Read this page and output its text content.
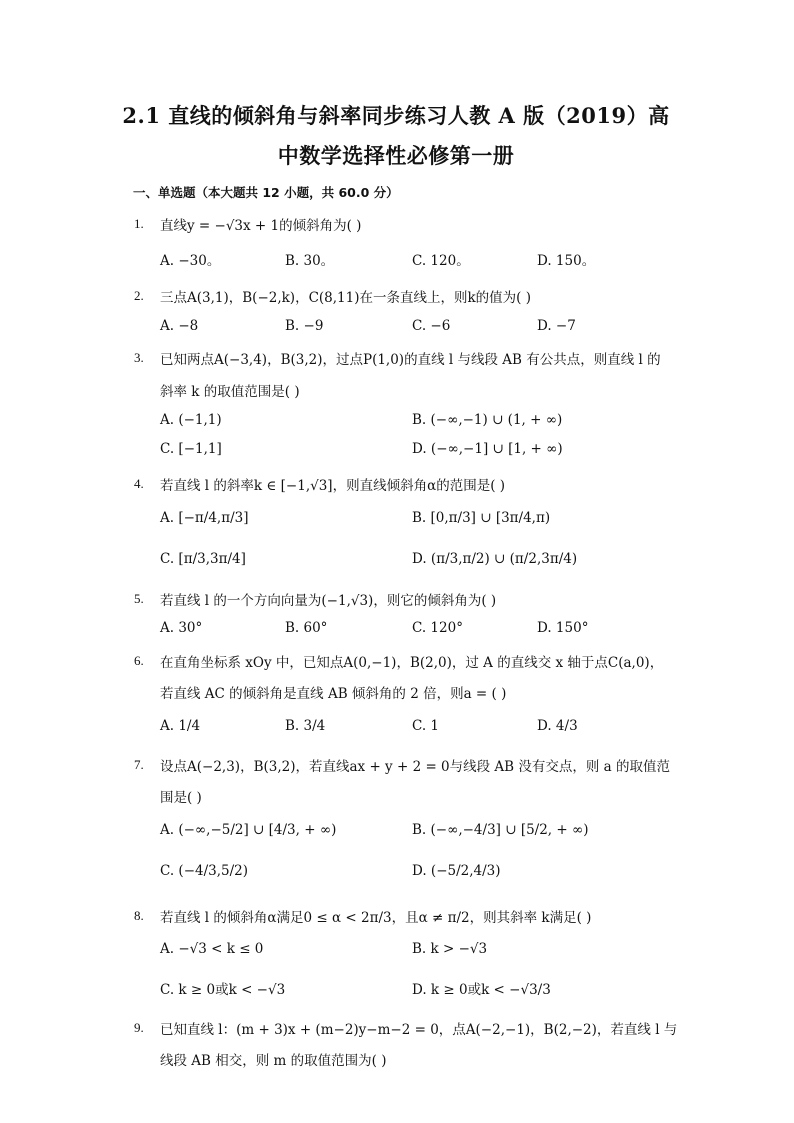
2.1 直线的倾斜角与斜率同步练习人教 A 版（2019）高
中数学选择性必修第一册
一、单选题（本大题共 12 小题，共 60.0 分）
1. 直线y = −√3x + 1的倾斜角为( )
A. −30。	B. 30。	C. 120。	D. 150。
2. 三点A(3,1)，B(−2,k)，C(8,11)在一条直线上，则k的值为( )
A. −8	B. −9	C. −6	D. −7
3. 已知两点A(−3,4)，B(3,2)，过点P(1,0)的直线 l 与线段 AB 有公共点，则直线 l 的
斜率 k 的取值范围是( )
A. (−1,1)	B. (−∞,−1) ∪ (1, + ∞)
C. [−1,1]	D. (−∞,−1] ∪ [1, + ∞)
4. 若直线 l 的斜率k ∈ [−1,√3]，则直线倾斜角α的范围是( )
A. [−π/4,π/3]	B. [0,π/3] ∪ [3π/4,π)
C. [π/3,3π/4]	D. (π/3,π/2) ∪ (π/2,3π/4)
5. 若直线 l 的一个方向向量为(−1,√3)，则它的倾斜角为( )
A. 30°	B. 60°	C. 120°	D. 150°
6. 在直角坐标系 xOy 中，已知点A(0,−1)，B(2,0)，过 A 的直线交 x 轴于点C(a,0)，
若直线 AC 的倾斜角是直线 AB 倾斜角的 2 倍，则a = ( )
A. 1/4	B. 3/4	C. 1	D. 4/3
7. 设点A(−2,3)，B(3,2)，若直线ax + y + 2 = 0与线段 AB 没有交点，则 a 的取值范
围是( )
A. (−∞,−5/2] ∪ [4/3, + ∞)	B. (−∞,−4/3] ∪ [5/2, + ∞)
C. (−4/3,5/2)	D. (−5/2,4/3)
8. 若直线 l 的倾斜角α满足0 ≤ α < 2π/3，且α ≠ π/2，则其斜率 k满足( )
A. −√3 < k ≤ 0	B. k > −√3
C. k ≥ 0或k < −√3	D. k ≥ 0或k < −√3/3
9. 已知直线 l：(m + 3)x + (m−2)y−m−2 = 0，点A(−2,−1)，B(2,−2)，若直线 l 与
线段 AB 相交，则 m 的取值范围为( )
